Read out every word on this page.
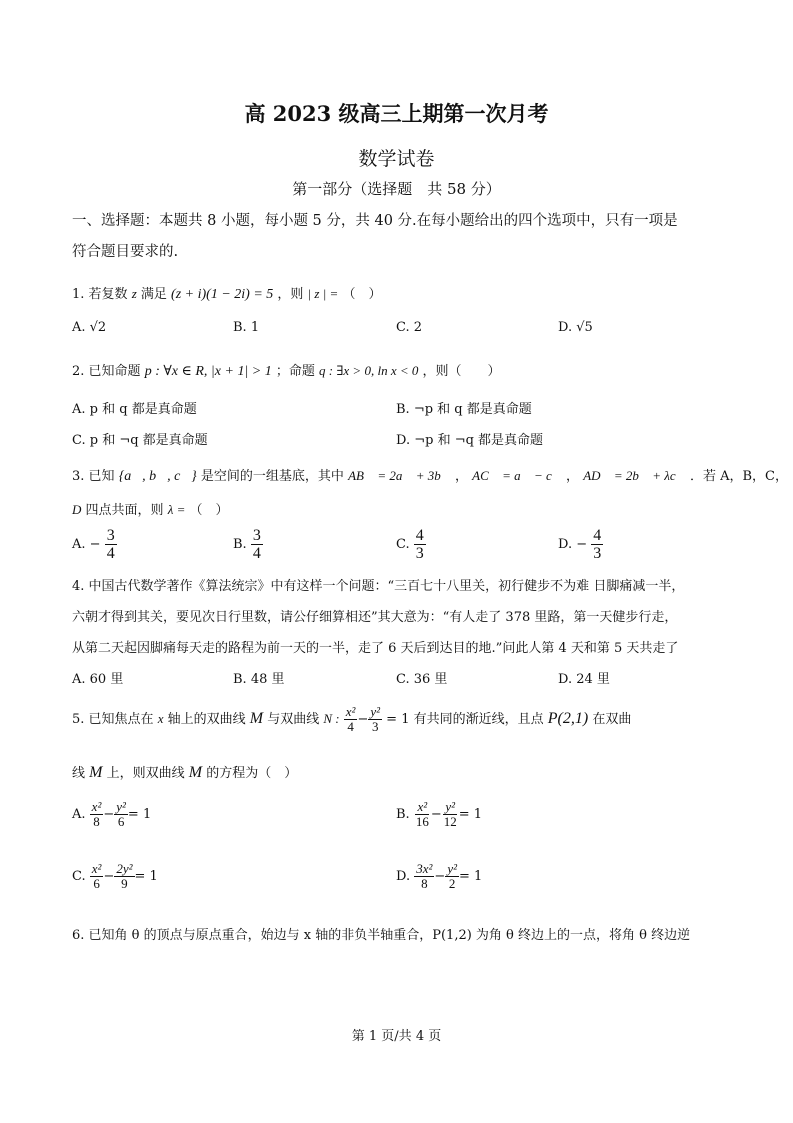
高 2023 级高三上期第一次月考
数学试卷
第一部分（选择题　共 58 分）
一、选择题：本题共 8 小题，每小题 5 分，共 40 分.在每小题给出的四个选项中，只有一项是
符合题目要求的.
1. 若复数 z 满足 (z + i)(1 − 2i) = 5 ，则 | z | = （　）
A. √2	B. 1	C. 2	D. √5
2. 已知命题 p : ∀x ∈ R, |x + 1| > 1 ；命题 q : ∃x > 0, ln x < 0 ，则（　　）
A. p 和 q 都是真命题	B. ¬p 和 q 都是真命题
C. p 和 ¬q 都是真命题	D. ¬p 和 ¬q 都是真命题
3. 已知 {a⃗, b⃗, c⃗} 是空间的一组基底，其中 AB⃗ = 2a⃗ + 3b⃗ ， AC⃗ = a⃗ − c⃗ ， AD⃗ = 2b⃗ + λc⃗ ．若 A，B，C，
D 四点共面，则 λ = （　）
A. − $\frac{3}{4}$	B. $\frac{3}{4}$	C. $\frac{4}{3}$	D. − $\frac{4}{3}$
4. 中国古代数学著作《算法统宗》中有这样一个问题：“三百七十八里关，初行健步不为难 日脚痛减一半，
六朝才得到其关，要见次日行里数，请公仔细算相还”其大意为：“有人走了 378 里路，第一天健步行走，
从第二天起因脚痛每天走的路程为前一天的一半，走了 6 天后到达目的地.”问此人第 4 天和第 5 天共走了
A. 60 里	B. 48 里	C. 36 里	D. 24 里
5. 已知焦点在 x 轴上的双曲线 M 与双曲线 N : $\frac{\text{x²}}{4} - \frac{\text{y²}}{3} = 1$ 有共同的渐近线，且点 P(2,1) 在双曲
线 M 上，则双曲线 M 的方程为（　）
A. $\frac{\text{x²}}{8} - \frac{\text{y²}}{6} = 1$	B. $\frac{\text{x²}}{16} - \frac{\text{y²}}{12} = 1$
C. $\frac{\text{x²}}{6} - \frac{\text{2y²}}{9} = 1$	D. $\frac{\text{3x²}}{8} - \frac{\text{y²}}{2} = 1$
6. 已知角 θ 的顶点与原点重合，始边与 x 轴的非负半轴重合，P(1,2) 为角 θ 终边上的一点，将角 θ 终边逆
第 1 页/共 4 页
